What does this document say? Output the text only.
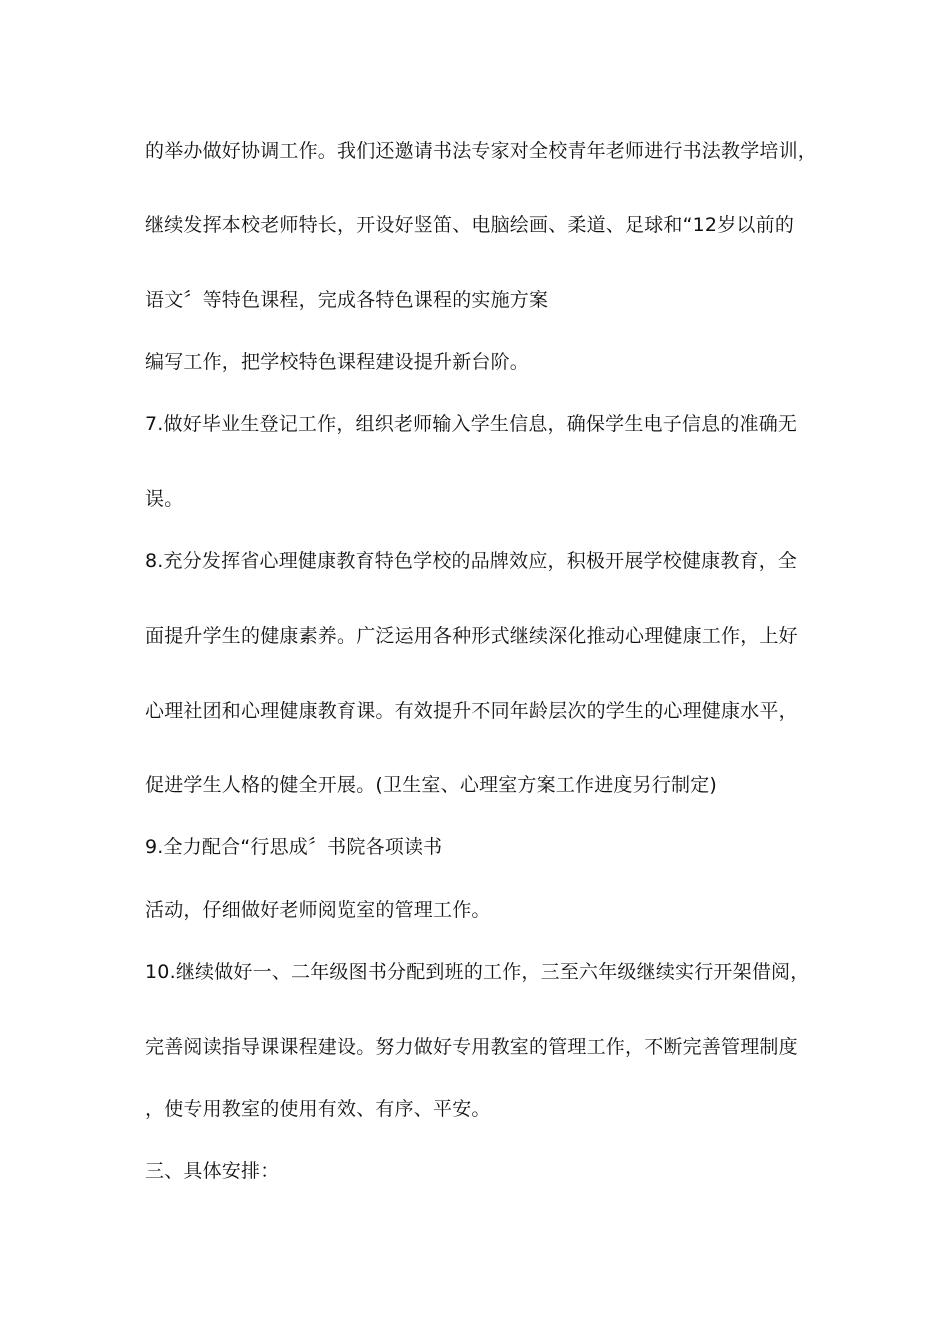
的举办做好协调工作。我们还邀请书法专家对全校青年老师进行书法教学培训，
继续发挥本校老师特长，开设好竖笛、电脑绘画、柔道、足球和“12岁以前的
语文〞等特色课程，完成各特色课程的实施方案
编写工作，把学校特色课程建设提升新台阶。
7.做好毕业生登记工作，组织老师输入学生信息，确保学生电子信息的准确无
误。
8.充分发挥省心理健康教育特色学校的品牌效应，积极开展学校健康教育，全
面提升学生的健康素养。广泛运用各种形式继续深化推动心理健康工作，上好
心理社团和心理健康教育课。有效提升不同年龄层次的学生的心理健康水平，
促进学生人格的健全开展。(卫生室、心理室方案工作进度另行制定)
9.全力配合“行思成〞书院各项读书
活动，仔细做好老师阅览室的管理工作。
10.继续做好一、二年级图书分配到班的工作，三至六年级继续实行开架借阅，
完善阅读指导课课程建设。努力做好专用教室的管理工作，不断完善管理制度
，使专用教室的使用有效、有序、平安。
三、具体安排：
